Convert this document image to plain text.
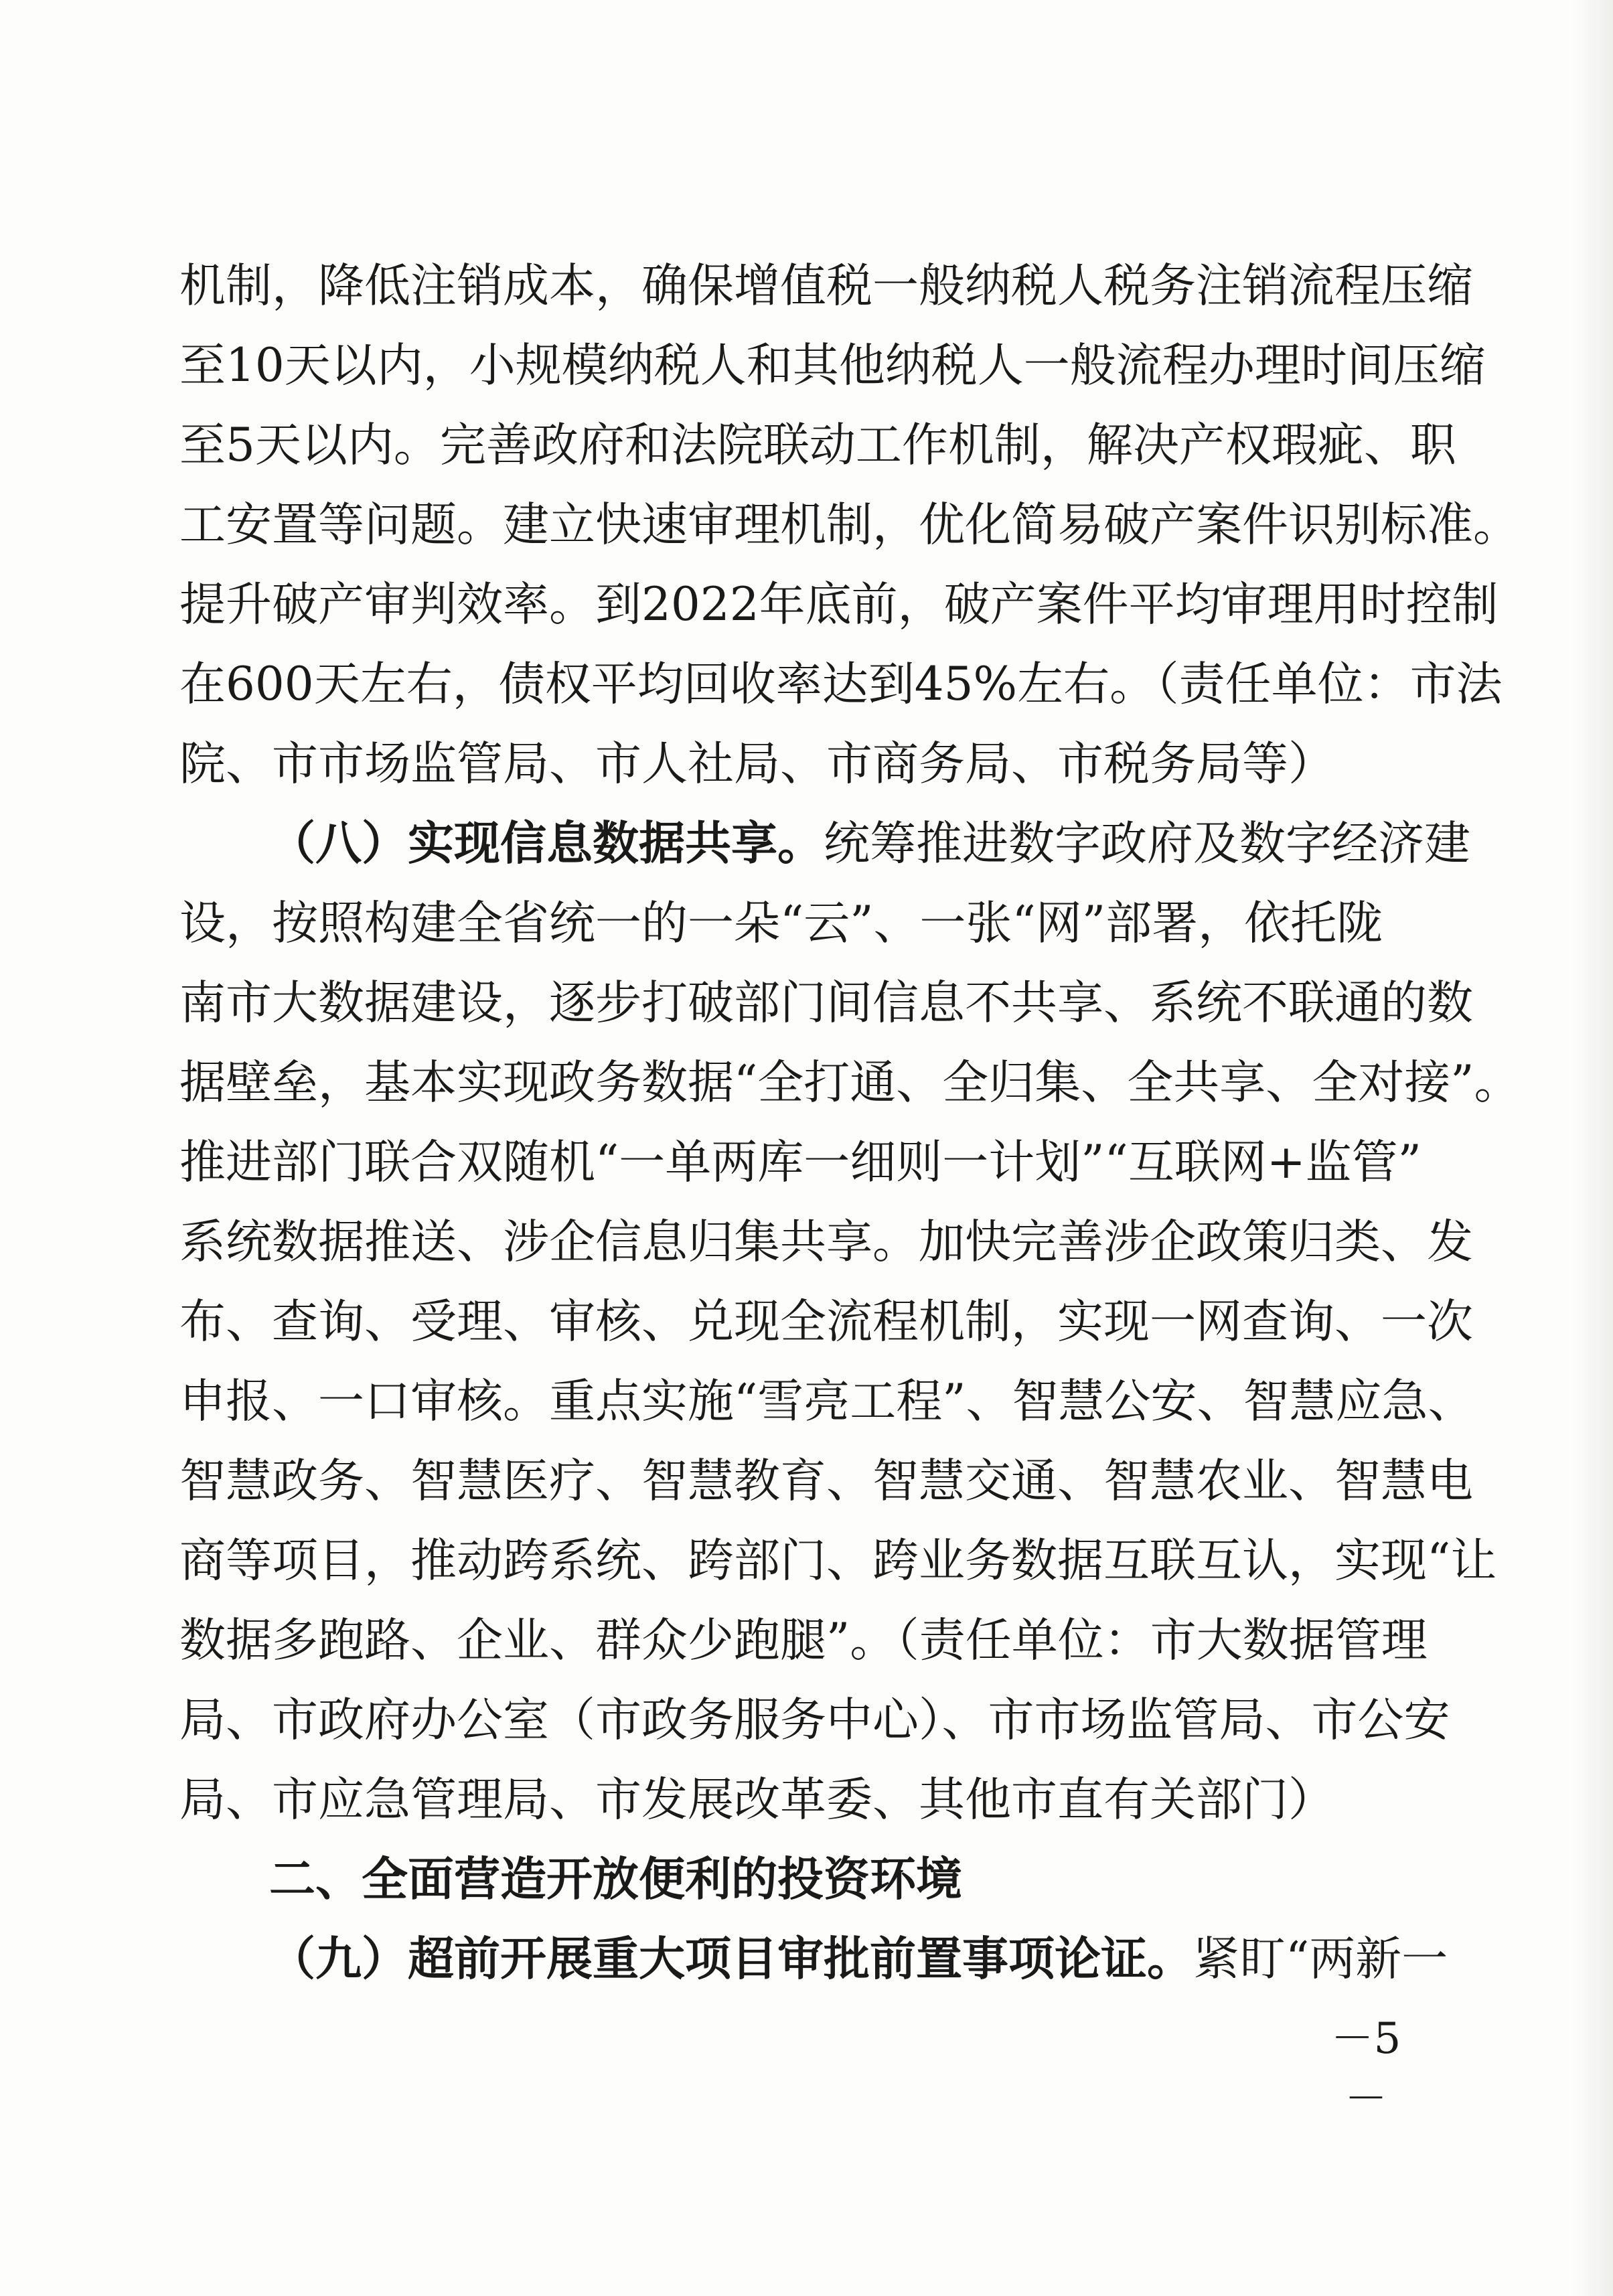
机制，降低注销成本，确保增值税一般纳税人税务注销流程压缩
至10天以内，小规模纳税人和其他纳税人一般流程办理时间压缩
至5天以内。完善政府和法院联动工作机制，解决产权瑕疵、职
工安置等问题。建立快速审理机制，优化简易破产案件识别标准。
提升破产审判效率。到2022年底前，破产案件平均审理用时控制
在600天左右，债权平均回收率达到45%左右。（责任单位：市法
院、市市场监管局、市人社局、市商务局、市税务局等）
（八）实现信息数据共享。 统筹推进数字政府及数字经济建
设，按照构建全省统一的一朵“云”、一张“网”部署，依托陇
南市大数据建设，逐步打破部门间信息不共享、系统不联通的数
据壁垒，基本实现政务数据“全打通、全归集、全共享、全对接”。
推进部门联合双随机“一单两库一细则一计划”“互联网+监管”
系统数据推送、涉企信息归集共享。加快完善涉企政策归类、发
布、查询、受理、审核、兑现全流程机制，实现一网查询、一次
申报、一口审核。重点实施“雪亮工程”、智慧公安、智慧应急、
智慧政务、智慧医疗、智慧教育、智慧交通、智慧农业、智慧电
商等项目，推动跨系统、跨部门、跨业务数据互联互认，实现“让
数据多跑路、企业、群众少跑腿”。（责任单位：市大数据管理
局、市政府办公室（市政务服务中心）、市市场监管局、市公安
局、市应急管理局、市发展改革委、其他市直有关部门）
二、全面营造开放便利的投资环境
（九）超前开展重大项目审批前置事项论证。 紧盯“两新一
－5－
